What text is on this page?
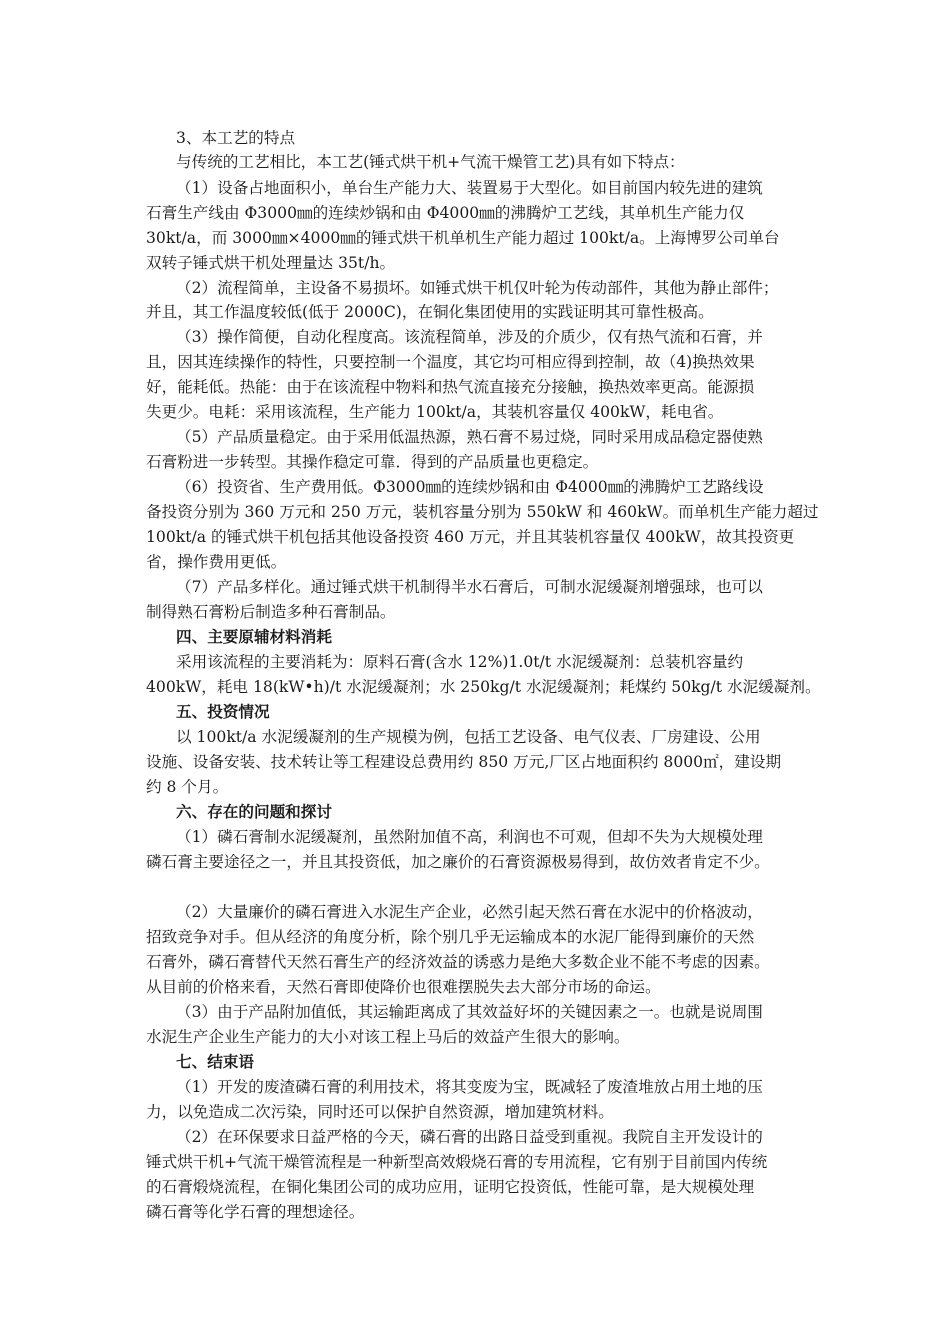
3、本工艺的特点
与传统的工艺相比，本工艺(锤式烘干机+气流干燥管工艺)具有如下特点：
（1）设备占地面积小，单台生产能力大、装置易于大型化。如目前国内较先进的建筑
石膏生产线由 Φ3000㎜的连续炒锅和由 Φ4000㎜的沸腾炉工艺线，其单机生产能力仅
30kt/a，而 3000㎜×4000㎜的锤式烘干机单机生产能力超过 100kt/a。上海博罗公司单台
双转子锤式烘干机处理量达 35t/h。
（2）流程简单，主设备不易损坏。如锤式烘干机仅叶轮为传动部件，其他为静止部件；
并且，其工作温度较低(低于 2000C)，在铜化集团使用的实践证明其可靠性极高。
（3）操作简便，自动化程度高。该流程简单，涉及的介质少，仅有热气流和石膏，并
且，因其连续操作的特性，只要控制一个温度，其它均可相应得到控制，故（4)换热效果
好，能耗低。热能：由于在该流程中物料和热气流直接充分接触，换热效率更高。能源损
失更少。电耗：采用该流程，生产能力 100kt/a，其装机容量仅 400kW，耗电省。
（5）产品质量稳定。由于采用低温热源，熟石膏不易过烧，同时采用成品稳定器使熟
石膏粉进一步转型。其操作稳定可靠．得到的产品质量也更稳定。
（6）投资省、生产费用低。Φ3000㎜的连续炒锅和由 Φ4000㎜的沸腾炉工艺路线设
备投资分别为 360 万元和 250 万元，装机容量分别为 550kW 和 460kW。而单机生产能力超过
100kt/a 的锤式烘干机包括其他设备投资 460 万元，并且其装机容量仅 400kW，故其投资更
省，操作费用更低。
（7）产品多样化。通过锤式烘干机制得半水石膏后，可制水泥缓凝剂增强球，也可以
制得熟石膏粉后制造多种石膏制品。
四、主要原辅材料消耗
采用该流程的主要消耗为：原料石膏(含水 12%)1.0t/t 水泥缓凝剂：总装机容量约
400kW，耗电 18(kW•h)/t 水泥缓凝剂；水 250kg/t 水泥缓凝剂；耗煤约 50kg/t 水泥缓凝剂。
五、投资情况
以 100kt/a 水泥缓凝剂的生产规模为例，包括工艺设备、电气仪表、厂房建设、公用
设施、设备安装、技术转让等工程建设总费用约 850 万元,厂区占地面积约 8000㎡，建设期
约 8 个月。
六、存在的问题和探讨
（1）磷石膏制水泥缓凝剂，虽然附加值不高，利润也不可观，但却不失为大规模处理
磷石膏主要途径之一，并且其投资低，加之廉价的石膏资源极易得到，故仿效者肯定不少。
（2）大量廉价的磷石膏进入水泥生产企业，必然引起天然石膏在水泥中的价格波动，
招致竞争对手。但从经济的角度分析，除个别几乎无运输成本的水泥厂能得到廉价的天然
石膏外，磷石膏替代天然石膏生产的经济效益的诱惑力是绝大多数企业不能不考虑的因素。
从目前的价格来看，天然石膏即使降价也很难摆脱失去大部分市场的命运。
（3）由于产品附加值低，其运输距离成了其效益好坏的关键因素之一。也就是说周围
水泥生产企业生产能力的大小对该工程上马后的效益产生很大的影响。
七、结束语
（1）开发的废渣磷石膏的利用技术，将其变废为宝，既减轻了废渣堆放占用土地的压
力，以免造成二次污染，同时还可以保护自然资源，增加建筑材料。
（2）在环保要求日益严格的今天，磷石膏的出路日益受到重视。我院自主开发设计的
锤式烘干机+气流干燥管流程是一种新型高效煅烧石膏的专用流程，它有别于目前国内传统
的石膏煅烧流程，在铜化集团公司的成功应用，证明它投资低，性能可靠，是大规模处理
磷石膏等化学石膏的理想途径。
